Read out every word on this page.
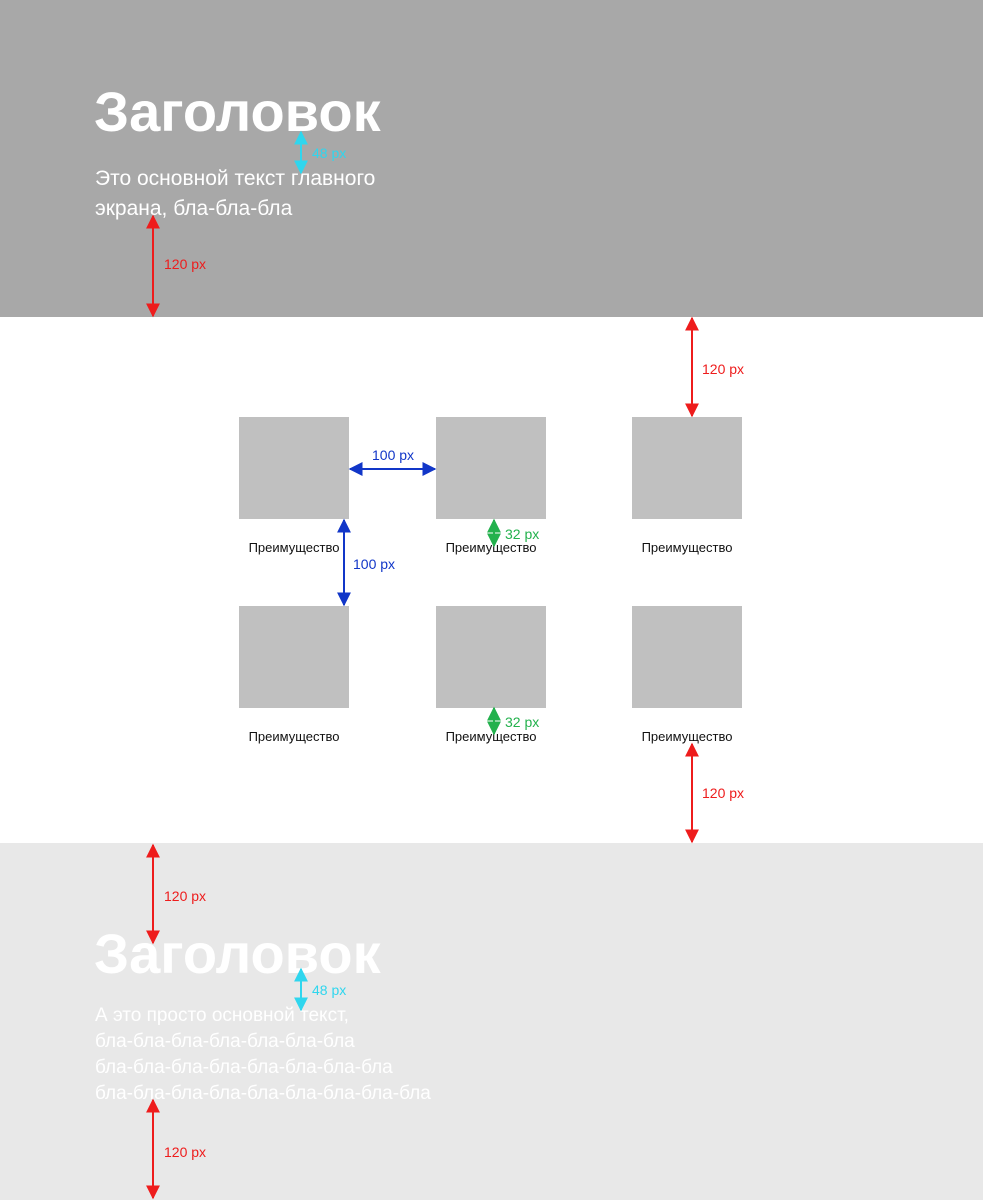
Заголовок

Это основной текст главного
экрана, бла-бла-бла

Преимущество	Преимущество	Преимущество
Преимущество	Преимущество	Преимущество
Заголовок

А это просто основной текст,
бла-бла-бла-бла-бла-бла-бла
бла-бла-бла-бла-бла-бла-бла-бла
бла-бла-бла-бла-бла-бла-бла-бла-бла

48 px
120 px
120 px
100 px
100 px
32 px
32 px
120 px
120 px
48 px
120 px
